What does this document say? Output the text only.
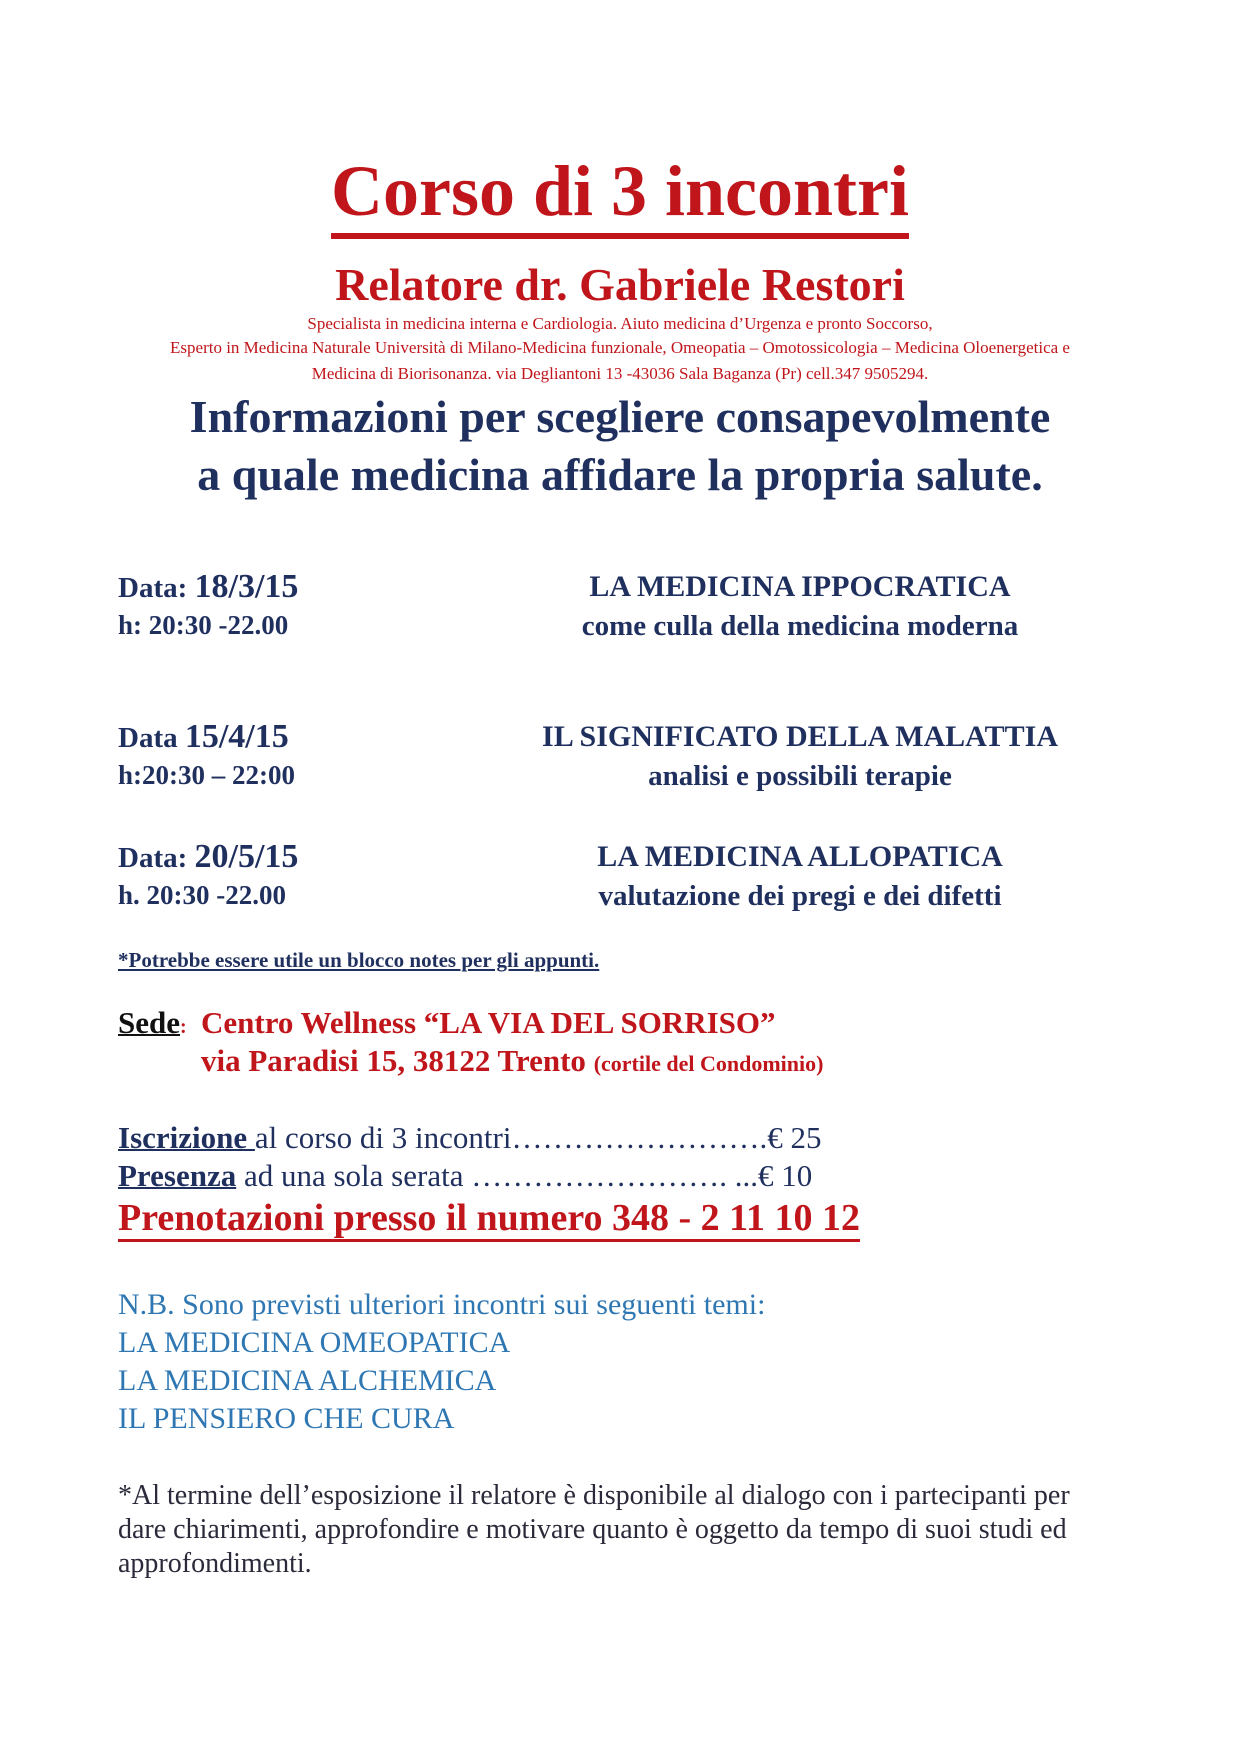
Corso di 3 incontri
Relatore dr. Gabriele Restori
Specialista in medicina interna e Cardiologia. Aiuto medicina d’Urgenza e pronto Soccorso,
Esperto in Medicina Naturale Università di Milano-Medicina funzionale, Omeopatia – Omotossicologia – Medicina Oloenergetica e
Medicina di Biorisonanza. via Degliantoni 13 -43036 Sala Baganza (Pr) cell.347 9505294.
Informazioni per scegliere consapevolmente
a quale medicina affidare la propria salute.
Data: 18/3/15
h: 20:30 -22.00
LA MEDICINA IPPOCRATICA
come culla della medicina moderna
Data 15/4/15
h:20:30 – 22:00
IL SIGNIFICATO DELLA MALATTIA
analisi e possibili terapie
Data: 20/5/15
h. 20:30 -22.00
LA MEDICINA ALLOPATICA
valutazione dei pregi e dei difetti
*Potrebbe essere utile un blocco notes per gli appunti.
Sede: Centro Wellness “LA VIA DEL SORRISO”
via Paradisi 15, 38122 Trento (cortile del Condominio)
Iscrizione al corso di 3 incontri…………………….€ 25
Presenza ad una sola serata ……………………. ...€ 10
Prenotazioni presso il numero 348 - 2 11 10 12
N.B. Sono previsti ulteriori incontri sui seguenti temi:
LA MEDICINA OMEOPATICA
LA MEDICINA ALCHEMICA
IL PENSIERO CHE CURA
*Al termine dell’esposizione il relatore è disponibile al dialogo con i partecipanti per
dare chiarimenti, approfondire e motivare quanto è oggetto da tempo di suoi studi ed
approfondimenti.
